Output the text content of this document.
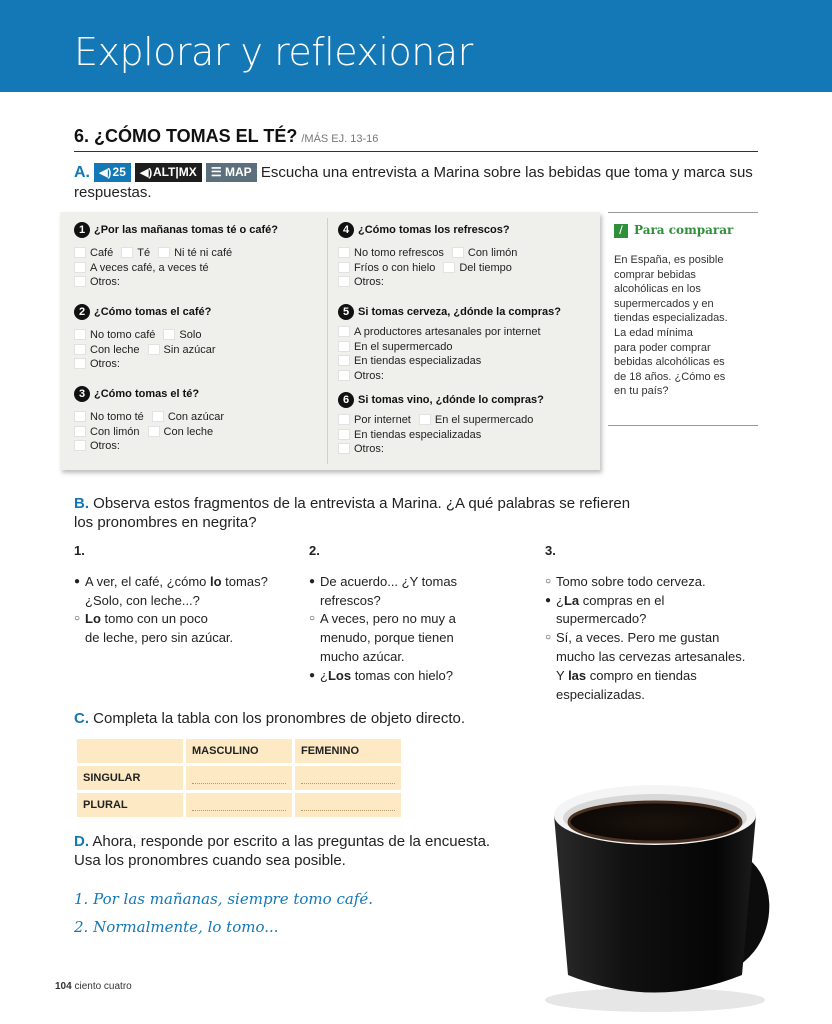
Explorar y reflexionar
6. ¿CÓMO TOMAS EL TÉ? /MÁS EJ. 13-16
A. ◀) 25 ◀) ALT|MX ☰ MAP Escucha una entrevista a Marina sobre las bebidas que toma y marca sus respuestas.
1 ¿Por las mañanas tomas té o café?
Café Té Ni té ni café
A veces café, a veces té
Otros:
2 ¿Cómo tomas el café?
No tomo café Solo
Con leche Sin azúcar
Otros:
3 ¿Cómo tomas el té?
No tomo té Con azúcar
Con limón Con leche
Otros:
4 ¿Cómo tomas los refrescos?
No tomo refrescos Con limón
Fríos o con hielo Del tiempo
Otros:
5 Si tomas cerveza, ¿dónde la compras?
A productores artesanales por internet
En el supermercado
En tiendas especializadas
Otros:
6 Si tomas vino, ¿dónde lo compras?
Por internet En el supermercado
En tiendas especializadas
Otros:
/ Para comparar
En España, es posible
comprar bebidas
alcohólicas en los
supermercados y en
tiendas especializadas.
La edad mínima
para poder comprar
bebidas alcohólicas es
de 18 años. ¿Cómo es
en tu país?
B. Observa estos fragmentos de la entrevista a Marina. ¿A qué palabras se refieren
los pronombres en negrita?
1.
● A ver, el café, ¿cómo lo tomas?
¿Solo, con leche...?
○ Lo tomo con un poco
de leche, pero sin azúcar.
2.
● De acuerdo... ¿Y tomas
refrescos?
○ A veces, pero no muy a
menudo, porque tienen
mucho azúcar.
● ¿Los tomas con hielo?
3.
○ Tomo sobre todo cerveza.
● ¿La compras en el
supermercado?
○ Sí, a veces. Pero me gustan
mucho las cervezas artesanales.
Y las compro en tiendas
especializadas.
C. Completa la tabla con los pronombres de objeto directo.
	MASCULINO	FEMENINO
SINGULAR	

PLURAL	

D. Ahora, responde por escrito a las preguntas de la encuesta.
Usa los pronombres cuando sea posible.
1. Por las mañanas, siempre tomo café.
2. Normalmente, lo tomo...
104 ciento cuatro
